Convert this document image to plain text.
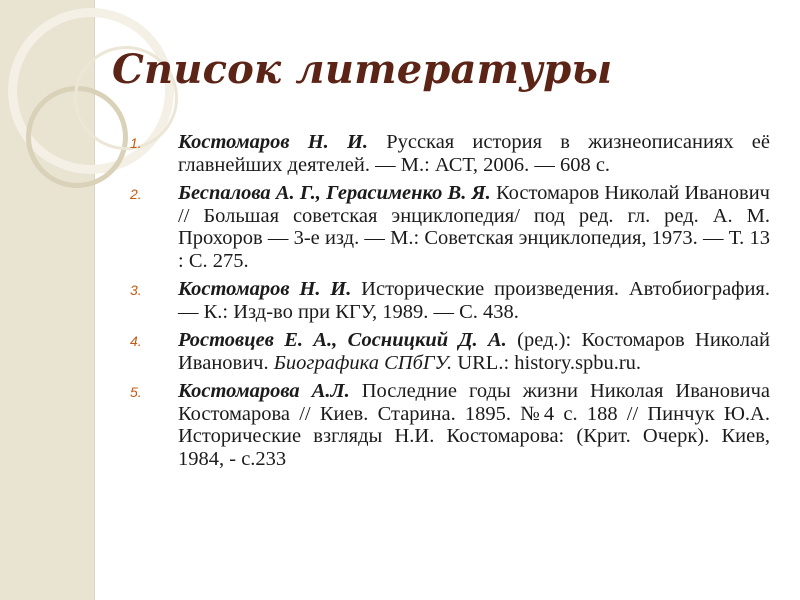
Список литературы
1. Костомаров Н. И. Русская история в жизнеописаниях её главнейших деятелей. — М.: АСТ, 2006. — 608 с.
2. Беспалова А. Г., Герасименко В. Я. Костомаров Николай Иванович // Большая советская энциклопедия/ под ред. гл. ред. А. М. Прохоров — 3-е изд. — М.: Советская энциклопедия, 1973. — Т. 13 : С. 275.
3. Костомаров Н. И. Исторические произведения. Автобиография. — К.: Изд-во при КГУ, 1989. — С. 438.
4. Ростовцев Е. А., Сосницкий Д. А. (ред.): Костомаров Николай Иванович. Биографика СПбГУ. URL.: history.spbu.ru.
5. Костомарова А.Л. Последние годы жизни Николая Ивановича Костомарова // Киев. Старина. 1895. №4 с. 188 // Пинчук Ю.А. Исторические взгляды Н.И. Костомарова: (Крит. Очерк). Киев, 1984, - с.233
